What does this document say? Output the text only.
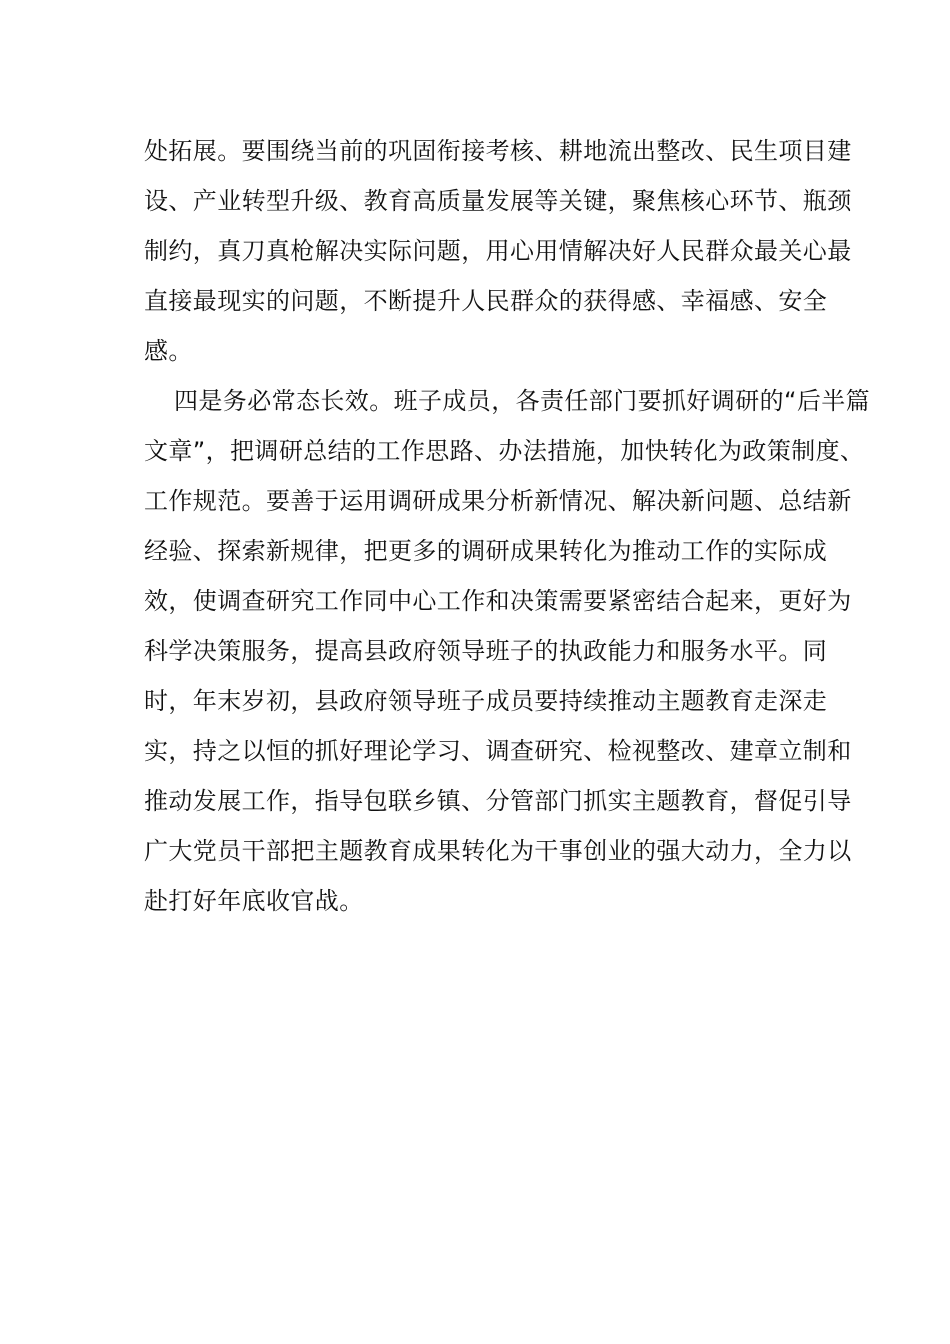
处拓展。要围绕当前的巩固衔接考核、耕地流出整改、民生项目建
设、产业转型升级、教育高质量发展等关键，聚焦核心环节、瓶颈
制约，真刀真枪解决实际问题，用心用情解决好人民群众最关心最
直接最现实的问题，不断提升人民群众的获得感、幸福感、安全
感。
四是务必常态长效。班子成员，各责任部门要抓好调研的“后半篇
文章”，把调研总结的工作思路、办法措施，加快转化为政策制度、
工作规范。要善于运用调研成果分析新情况、解决新问题、总结新
经验、探索新规律，把更多的调研成果转化为推动工作的实际成
效，使调查研究工作同中心工作和决策需要紧密结合起来，更好为
科学决策服务，提高县政府领导班子的执政能力和服务水平。同
时，年末岁初，县政府领导班子成员要持续推动主题教育走深走
实，持之以恒的抓好理论学习、调查研究、检视整改、建章立制和
推动发展工作，指导包联乡镇、分管部门抓实主题教育，督促引导
广大党员干部把主题教育成果转化为干事创业的强大动力，全力以
赴打好年底收官战。
